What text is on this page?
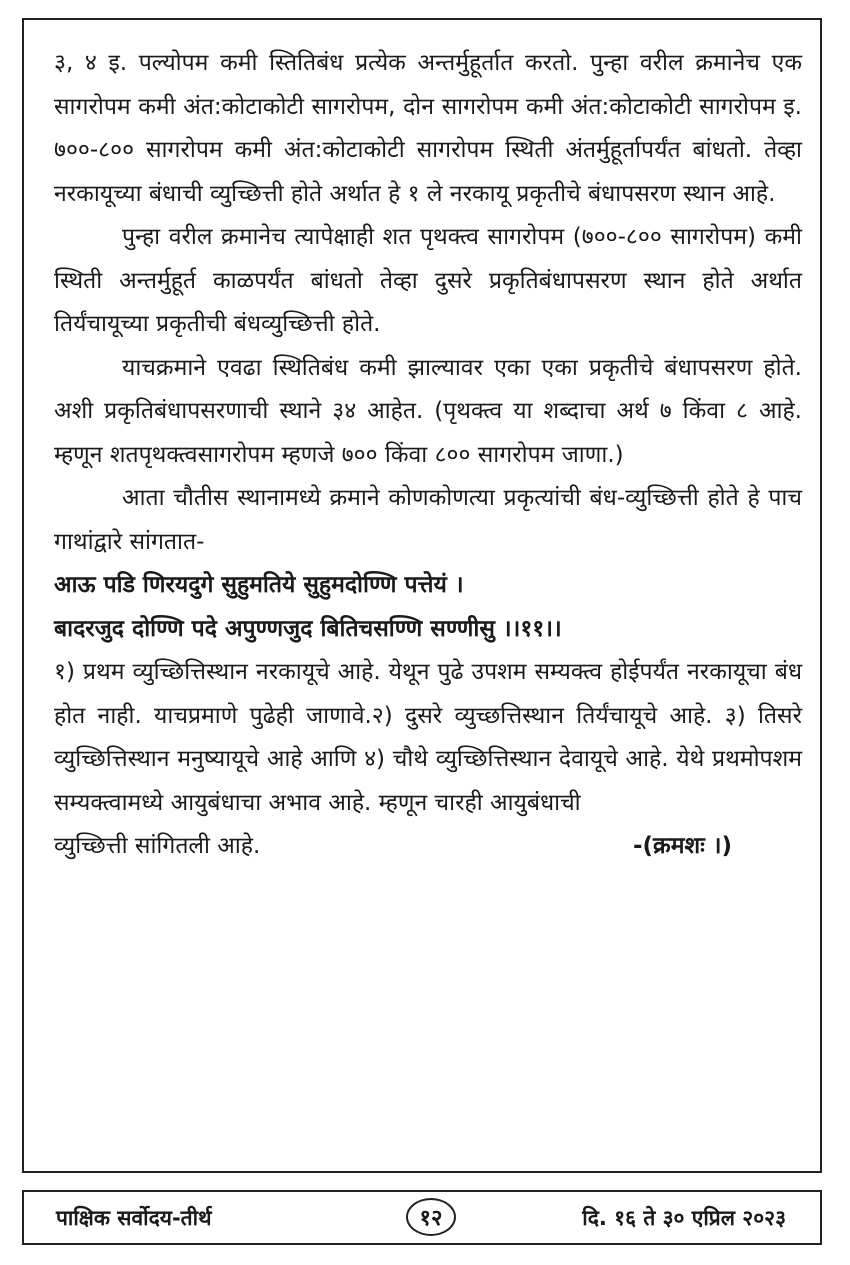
३, ४ इ. पल्योपम कमी स्तितिबंध प्रत्येक अन्तर्मुहूर्तात करतो. पुन्हा वरील क्रमानेच एक सागरोपम कमी अंत:कोटाकोटी सागरोपम, दोन सागरोपम कमी अंत:कोटाकोटी सागरोपम इ. ७००-८०० सागरोपम कमी अंत:कोटाकोटी सागरोपम स्थिती अंतर्मुहूर्तापर्यंत बांधतो. तेव्हा नरकायूच्या बंधाची व्युच्छित्ती होते अर्थात हे १ ले नरकायू प्रकृतीचे बंधापसरण स्थान आहे.

पुन्हा वरील क्रमानेच त्यापेक्षाही शत पृथक्त्व सागरोपम (७००-८०० सागरोपम) कमी स्थिती अन्तर्मुहूर्त काळपर्यंत बांधतो तेव्हा दुसरे प्रकृतिबंधापसरण स्थान होते अर्थात तिर्यंचायूच्या प्रकृतीची बंधव्युच्छित्ती होते.

याचक्रमाने एवढा स्थितिबंध कमी झाल्यावर एका एका प्रकृतीचे बंधापसरण होते. अशी प्रकृतिबंधापसरणाची स्थाने ३४ आहेत. (पृथक्त्व या शब्दाचा अर्थ ७ किंवा ८ आहे. म्हणून शतपृथक्त्वसागरोपम म्हणजे ७०० किंवा ८०० सागरोपम जाणा.)

आता चौतीस स्थानामध्ये क्रमाने कोणकोणत्या प्रकृत्यांची बंध-व्युच्छित्ती होते हे पाच गाथांद्वारे सांगतात-

आऊ पडि णिरयदुगे सुहुमतिये सुहुमदोण्णि पत्तेयं ।

बादरजुद दोण्णि पदे अपुण्णजुद बितिचसण्णि सण्णीसु ।।११।।

१) प्रथम व्युच्छित्तिस्थान नरकायूचे आहे. येथून पुढे उपशम सम्यक्त्व होईपर्यंत नरकायूचा बंध होत नाही. याचप्रमाणे पुढेही जाणावे.२) दुसरे व्युच्छत्तिस्थान तिर्यंचायूचे आहे. ३) तिसरे व्युच्छित्तिस्थान मनुष्यायूचे आहे आणि ४) चौथे व्युच्छित्तिस्थान देवायूचे आहे. येथे प्रथमोपशम सम्यक्त्वामध्ये आयुबंधाचा अभाव आहे. म्हणून चारही आयुबंधाची

व्युच्छित्ती सांगितली आहे.	-(क्रमशः ।)
पाक्षिक सर्वोदय-तीर्थ	१२	दि. १६ ते ३० एप्रिल २०२३
